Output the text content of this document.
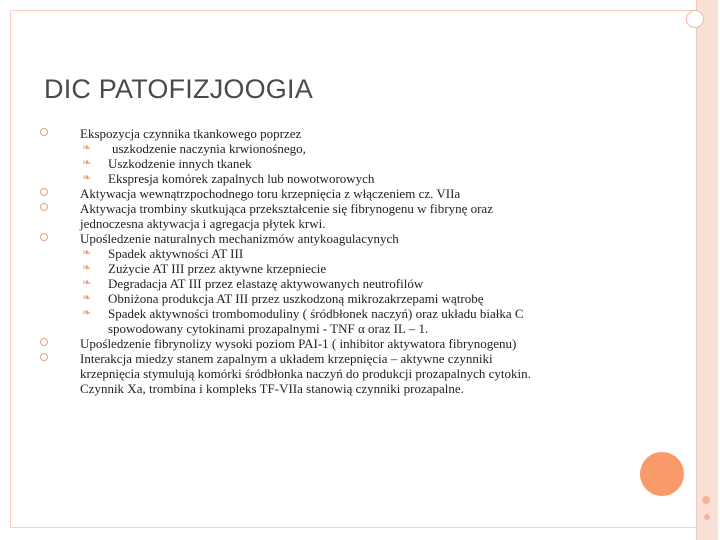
DIC PATOFIZJOOGIA
Ekspozycja czynnika tkankowego poprzez
❧ uszkodzenie naczynia krwionośnego,
❧ Uszkodzenie innych tkanek
❧ Ekspresja komórek zapalnych lub nowotworowych
Aktywacja wewnątrzpochodnego toru krzepnięcia z włączeniem cz. VIIa
Aktywacja trombiny skutkująca przekształcenie się fibrynogenu w fibrynę oraz
jednoczesna aktywacja i agregacja płytek krwi.
Upośledzenie naturalnych mechanizmów antykoagulacynych
❧ Spadek aktywności AT III
❧ Zużycie AT III przez aktywne krzepniecie
❧ Degradacja AT III przez elastazę aktywowanych neutrofilów
❧ Obniżona produkcja AT III przez uszkodzoną mikrozakrzepami wątrobę
❧ Spadek aktywności trombomoduliny ( śródbłonek naczyń) oraz układu białka C
spowodowany cytokinami prozapalnymi - TNF α oraz IL – 1.
Upośledzenie fibrynolizy wysoki poziom PAI-1 ( inhibitor aktywatora fibrynogenu)
Interakcja miedzy stanem zapalnym a układem krzepnięcia – aktywne czynniki
krzepnięcia stymulują komórki śródbłonka naczyń do produkcji prozapalnych cytokin.
Czynnik Xa, trombina i kompleks TF-VIIa stanowią czynniki prozapalne.
